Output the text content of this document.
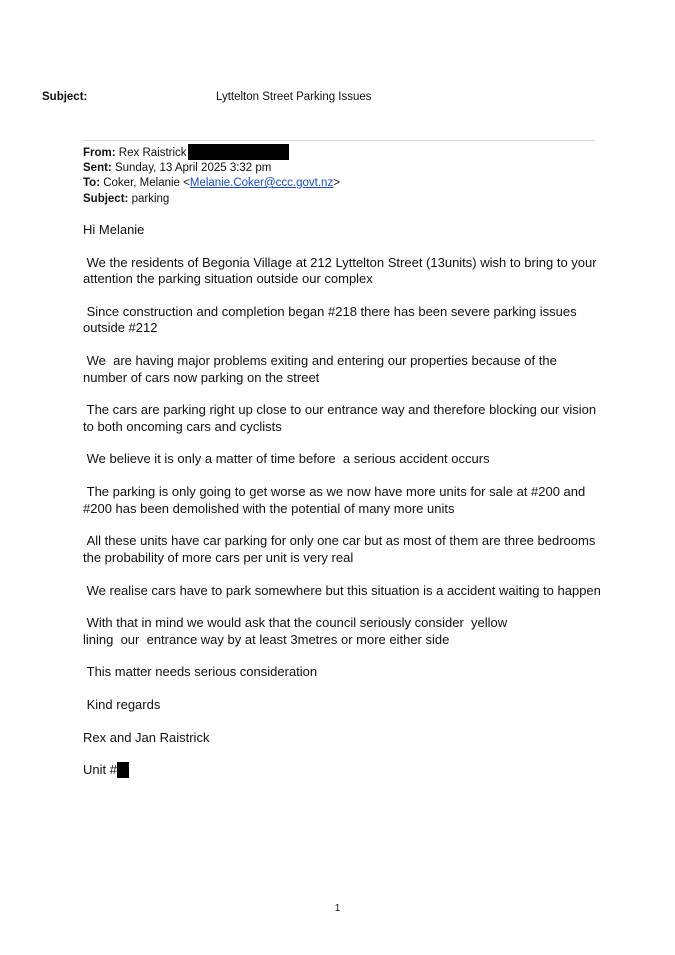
Subject:	Lyttelton Street Parking Issues
From: Rex Raistrick
Sent: Sunday, 13 April 2025 3:32 pm
To: Coker, Melanie <Melanie.Coker@ccc.govt.nz>
Subject: parking

Hi Melanie

We the residents of Begonia Village at 212 Lyttelton Street (13units) wish to bring to your attention the parking situation outside our complex

Since construction and completion began #218 there has been severe parking issues outside #212

We  are having major problems exiting and entering our properties because of the number of cars now parking on the street

The cars are parking right up close to our entrance way and therefore blocking our vision to both oncoming cars and cyclists

We believe it is only a matter of time before  a serious accident occurs

The parking is only going to get worse as we now have more units for sale at #200 and #200 has been demolished with the potential of many more units

All these units have car parking for only one car but as most of them are three bedrooms the probability of more cars per unit is very real

We realise cars have to park somewhere but this situation is a accident waiting to happen

With that in mind we would ask that the council seriously consider  yellow
lining  our  entrance way by at least 3metres or more either side

This matter needs serious consideration

Kind regards

Rex and Jan Raistrick

Unit #

1
